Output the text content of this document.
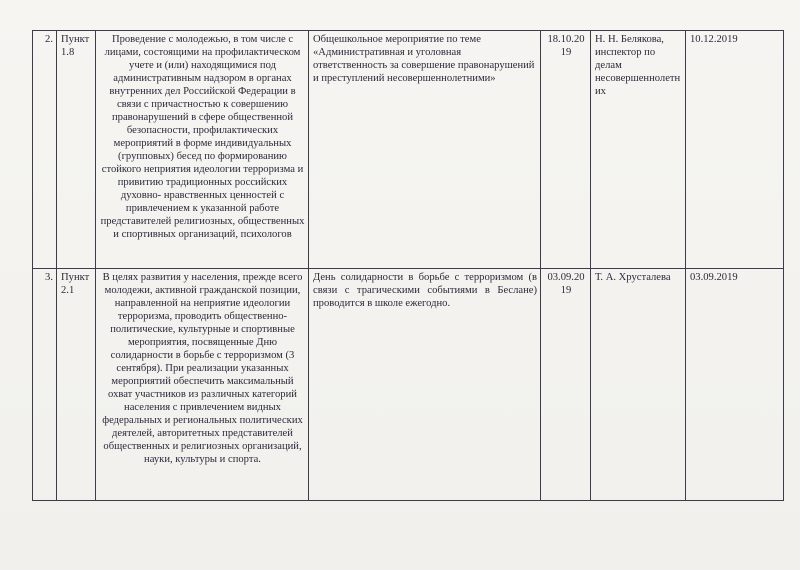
2.	Пункт 1.8	Проведение с молодежью, в том числе с лицами, состоящими на профилактическом учете и (или) находящимися под административным надзором в органах внутренних дел Российской Федерации в связи с причастностью к совершению правонарушений в сфере общественной безопасности, профилактических мероприятий в форме индивидуальных (групповых) бесед по формированию стойкого неприятия идеологии терроризма и привитию традиционных российских духовно- нравственных ценностей с привлечением к указанной работе представителей религиозных, общественных и спортивных организаций, психологов	Общешкольное мероприятие по теме «Административная и уголовная ответственность за совершение правонарушений и преступлений несовершеннолетними»	18.10.2019	Н. Н. Белякова, инспектор по делам несовершеннолетних	10.12.2019
3.	Пункт 2.1	В целях развития у населения, прежде всего молодежи, активной гражданской позиции, направленной на неприятие идеологии терроризма, проводить общественно-политические, культурные и спортивные мероприятия, посвященные Дню солидарности в борьбе с терроризмом (3 сентября). При реализации указанных мероприятий обеспечить максимальный охват участников из различных категорий населения с привлечением видных федеральных и региональных политических деятелей, авторитетных представителей общественных и религиозных организаций, науки, культуры и спорта.	День солидарности в борьбе с терроризмом (в связи с трагическими событиями в Беслане) проводится в школе ежегодно.	03.09.2019	Т. А. Хрусталева	03.09.2019
